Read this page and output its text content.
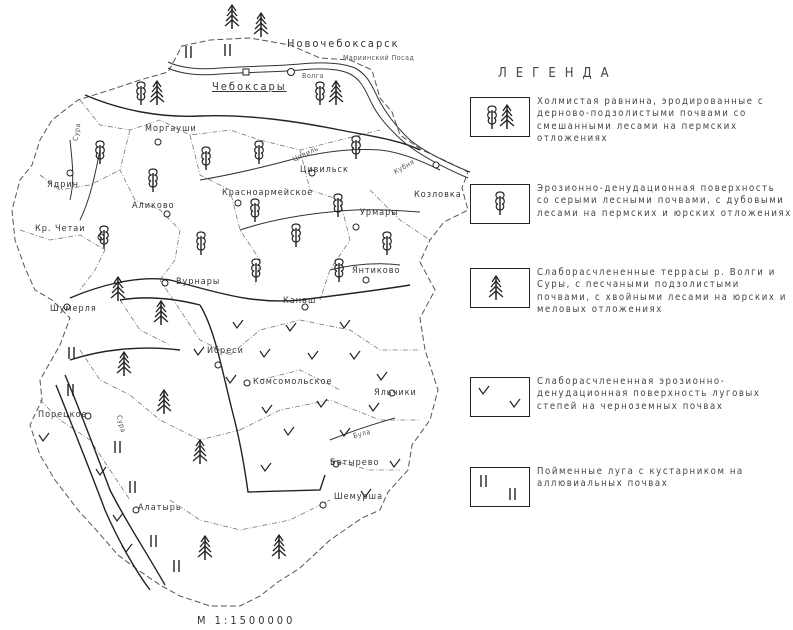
Новочебоксарск
Мариинский Посад
Чебоксары
Моргауши
Цивильск
Козловка
Ядрин
Аликово
Красноармейское
Урмары
Кр. Четаи
Янтиково
Вурнары
Канаш
Шумерля
Ибреси
Комсомольское
Яльчики
Порецкое
Батырево
Шемурша
Алатырь
Волга
Сура
Цивиль
Кубня
Була
Сура
М 1:1500000
ЛЕГЕНДА
Холмистая равнина, эродированные с дерново-подзолистыми почвами со смешанными лесами на пермских отложениях
Эрозионно-денудационная поверхность со серыми лесными почвами, с дубовыми лесами на пермских и юрских отложениях
Слаборасчлененные террасы р. Волги и Суры, с песчаными подзолистыми почвами, с хвойными лесами на юрских и меловых отложениях
Слаборасчлененная эрозионно-денудационная поверхность луговых степей на черноземных почвах
Пойменные луга с кустарником на аллювиальных почвах
